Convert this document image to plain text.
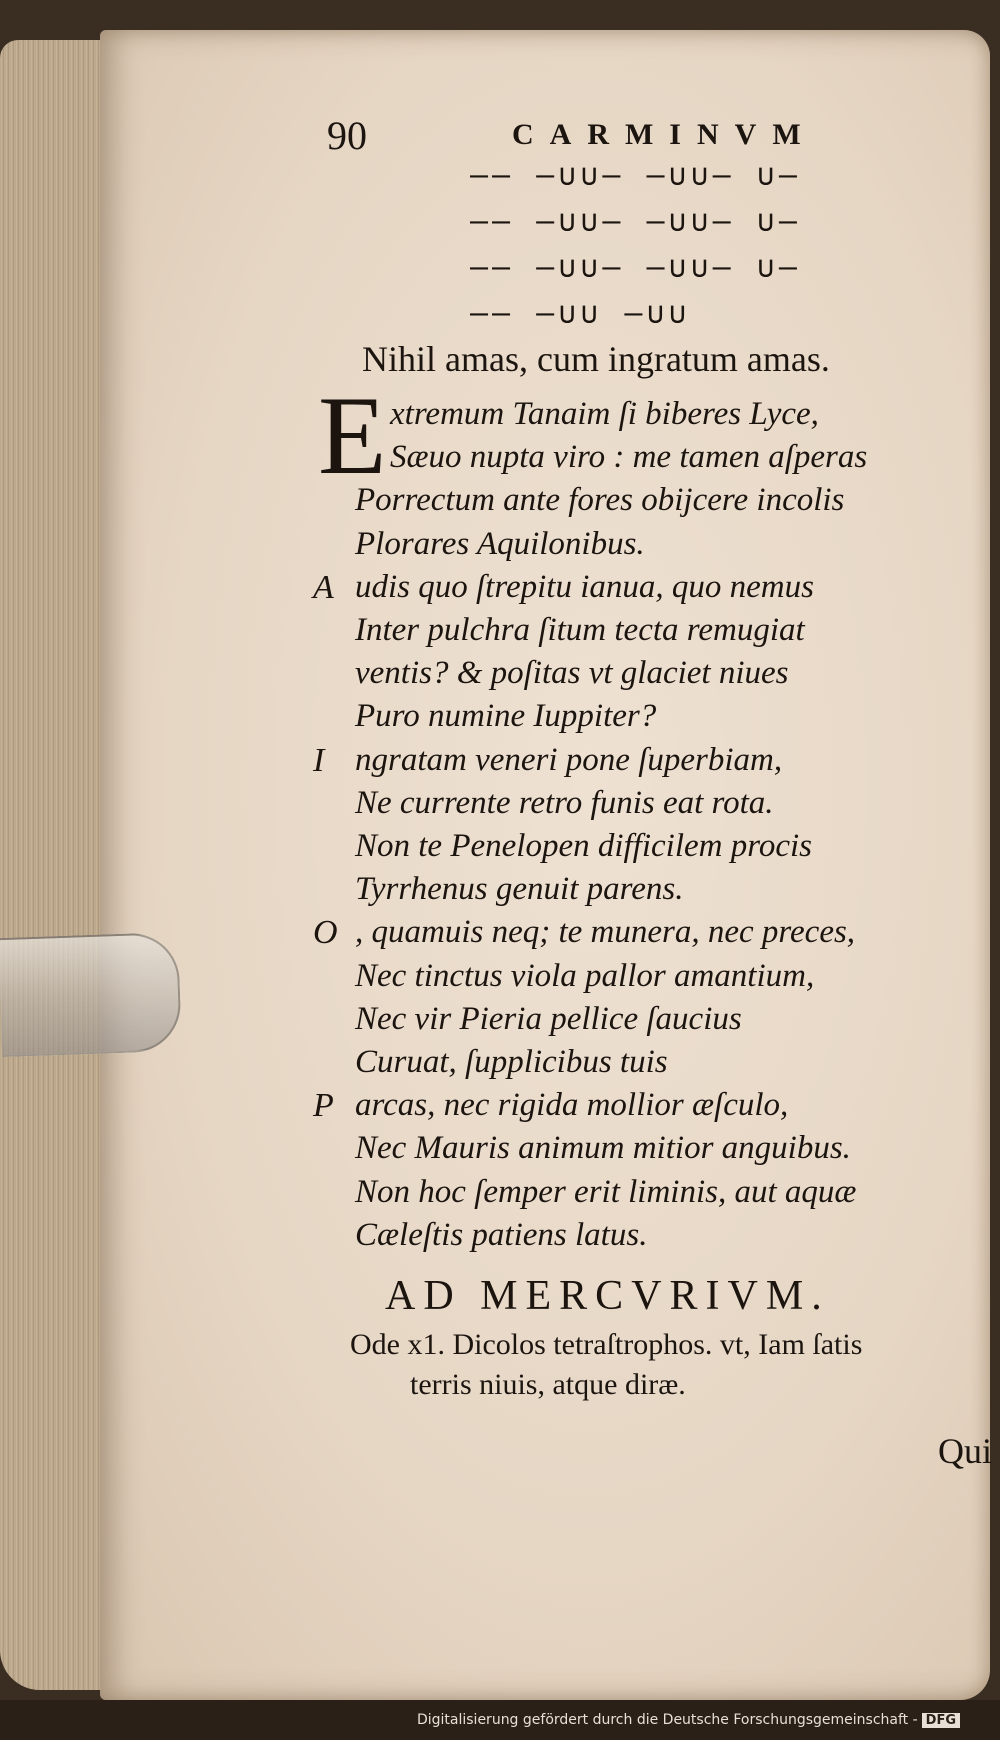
90	CARMINVM
–– –∪∪– –∪∪– ∪–
–– –∪∪– –∪∪– ∪–
–– –∪∪– –∪∪– ∪–
–– –∪∪ –∪∪
Nihil amas, cum ingratum amas.
E xtremum Tanaim ſi biberes Lyce,
Sæuo nupta viro : me tamen aſperas
Porrectum ante fores obijcere incolis
Plorares Aquilonibus.
A udis quo ſtrepitu ianua, quo nemus
Inter pulchra ſitum tecta remugiat
ventis? & poſitas vt glaciet niues
Puro numine Iuppiter?
I ngratam veneri pone ſuperbiam,
Ne currente retro funis eat rota.
Non te Penelopen difficilem procis
Tyrrhenus genuit parens.
O , quamuis neq; te munera, nec preces,
Nec tinctus viola pallor amantium,
Nec vir Pieria pellice ſaucius
Curuat, ſupplicibus tuis
P arcas, nec rigida mollior æſculo,
Nec Mauris animum mitior anguibus.
Non hoc ſemper erit liminis, aut aquæ
Cæleſtis patiens latus.
AD MERCVRIVM.
Ode x1. Dicolos tetraſtrophos. vt, Iam ſatis
terris niuis, atque diræ.
Qui
Digitalisierung gefördert durch die Deutsche Forschungsgemeinschaft - DFG
